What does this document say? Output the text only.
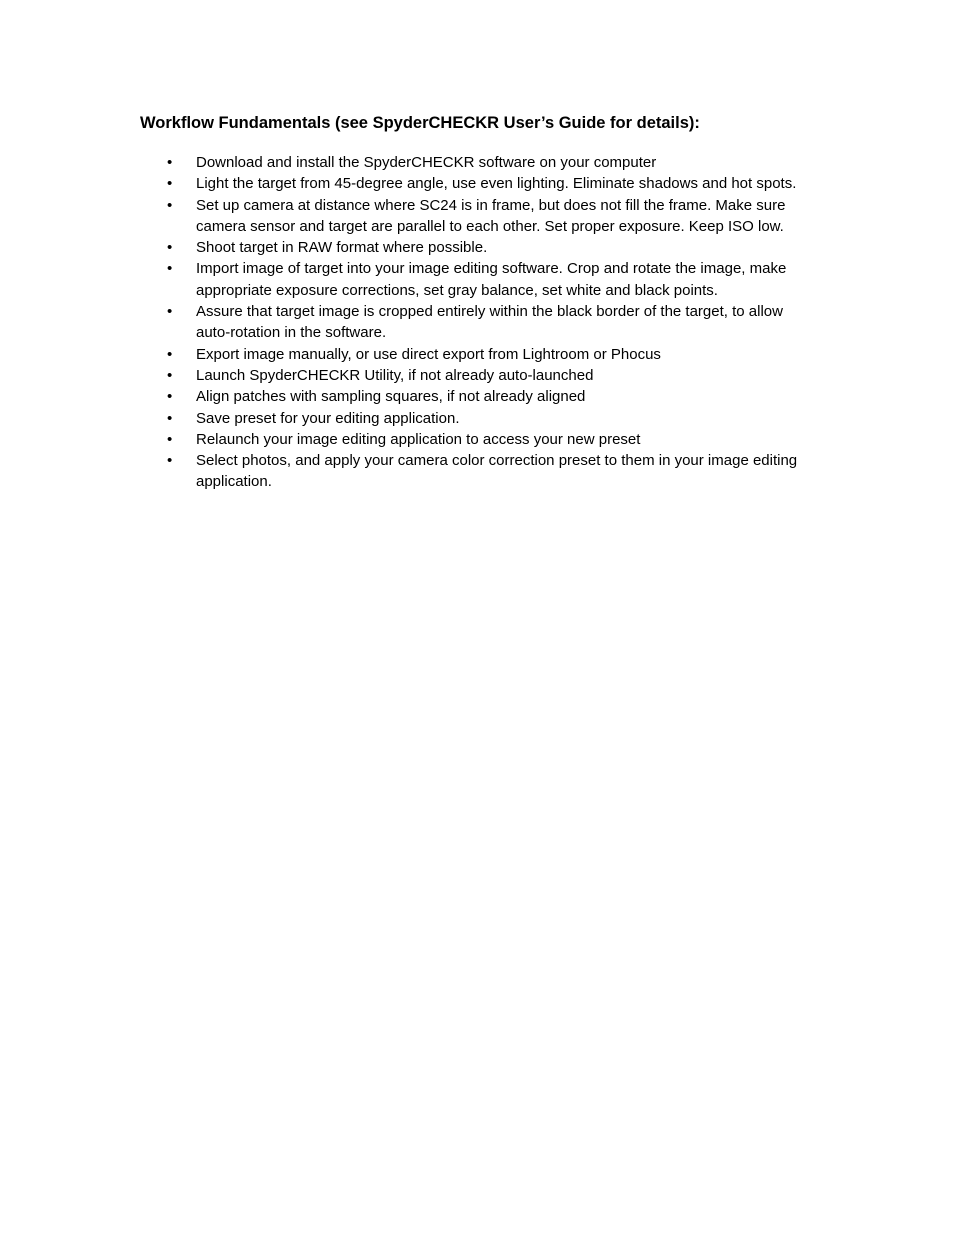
Workflow Fundamentals (see SpyderCHECKR User’s Guide for details):
•	Download and install the SpyderCHECKR software on your computer
•	Light the target from 45-degree angle, use even lighting. Eliminate shadows and hot spots.
•	Set up camera at distance where SC24 is in frame, but does not fill the frame. Make sure camera sensor and target are parallel to each other. Set proper exposure. Keep ISO low.
•	Shoot target in RAW format where possible.
•	Import image of target into your image editing software. Crop and rotate the image, make appropriate exposure corrections, set gray balance, set white and black points.
•	Assure that target image is cropped entirely within the black border of the target, to allow auto-rotation in the software.
•	Export image manually, or use direct export from Lightroom or Phocus
•	Launch SpyderCHECKR Utility, if not already auto-launched
•	Align patches with sampling squares, if not already aligned
•	Save preset for your editing application.
•	Relaunch your image editing application to access your new preset
•	Select photos, and apply your camera color correction preset to them in your image editing application.
